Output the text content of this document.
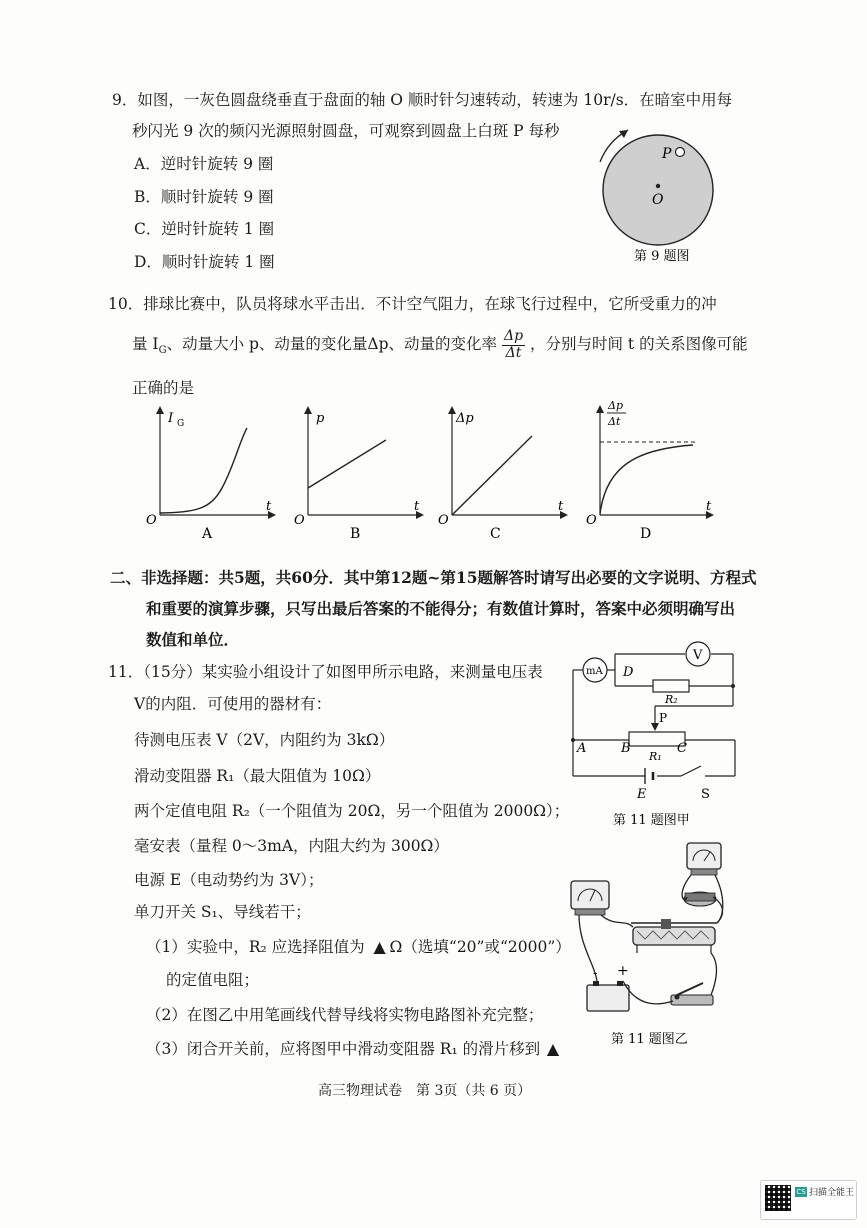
9．如图，一灰色圆盘绕垂直于盘面的轴 O 顺时针匀速转动，转速为 10r/s．在暗室中用每
秒闪光 9 次的频闪光源照射圆盘，可观察到圆盘上白斑 P 每秒
A．逆时针旋转 9 圈
B．顺时针旋转 9 圈
C．逆时针旋转 1 圈
D．顺时针旋转 1 圈
P
O
第 9 题图
10．排球比赛中，队员将球水平击出．不计空气阻力，在球飞行过程中，它所受重力的冲
量 $I_G$、动量大小 p、动量的变化量Δp、动量的变化率 $\frac{\Delta p}{\Delta t}$ ，分别与时间 t 的关系图像可能
正确的是
I G
t
O
A
p
t
O
B
Δp
t
O
C
Δp
Δt
t
O
D
二、非选择题：共5题，共60分．其中第12题~第15题解答时请写出必要的文字说明、方程式
和重要的演算步骤，只写出最后答案的不能得分；有数值计算时，答案中必须明确写出
数值和单位．
11．（15分）某实验小组设计了如图甲所示电路，来测量电压表
V的内阻．可使用的器材有：
待测电压表 V（2V，内阻约为 3kΩ）
滑动变阻器 R₁（最大阻值为 10Ω）
两个定值电阻 R₂（一个阻值为 20Ω，另一个阻值为 2000Ω）；
毫安表（量程 0～3mA，内阻大约为 300Ω）
电源 E（电动势约为 3V）；
单刀开关 S₁、导线若干；
（1）实验中，R₂ 应选择阻值为 ▲ Ω（选填“20”或“2000”）
的定值电阻；
（2）在图乙中用笔画线代替导线将实物电路图补充完整；
（3）闭合开关前，应将图甲中滑动变阻器 R₁ 的滑片移到 ▲
mA
V
D
R₂
P
A	B
R₁
C
E	S
第 11 题图甲
- +
第 11 题图乙
高三物理试卷　第 3页（共 6 页）
CS 扫描全能王
